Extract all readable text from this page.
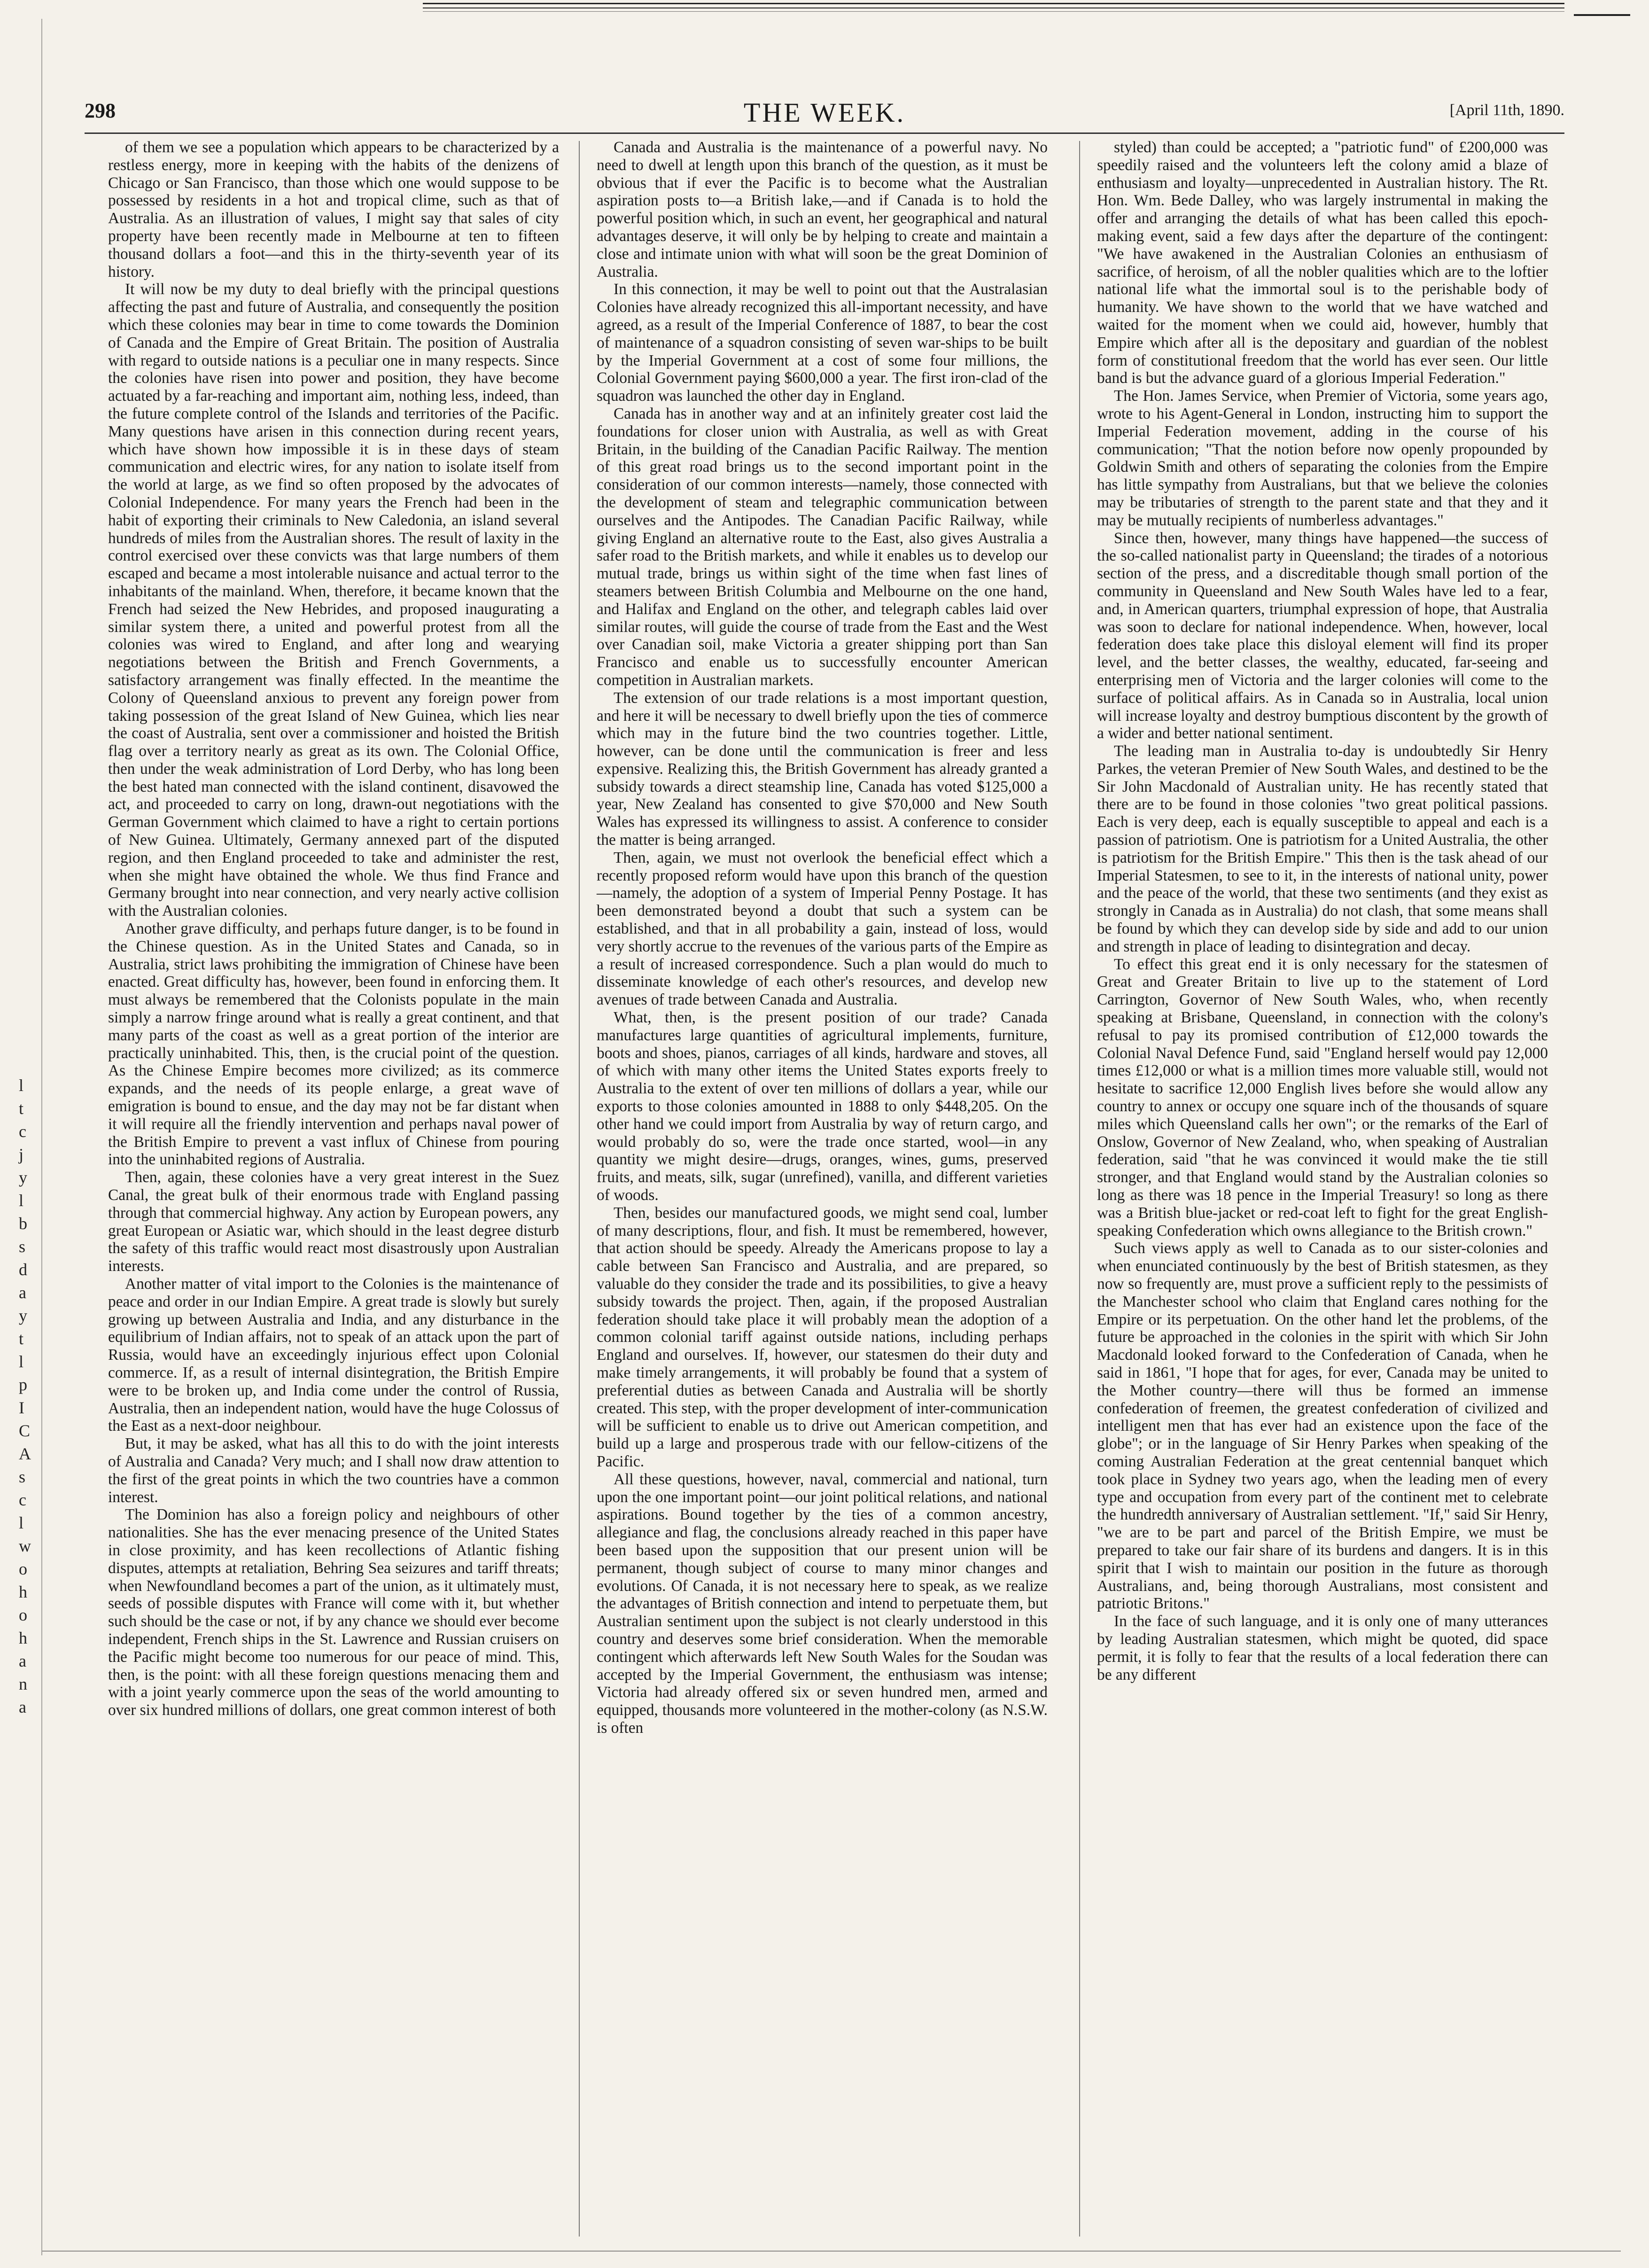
298	THE WEEK.	[April 11th, 1890.
l
t
c
j
y
l
b
s
d
a
y
t
l
p
I
C
A
s
c
l
w
o
h
o
h
a
n
a

of them we see a population which appears to be characterized by a restless energy, more in keeping with the habits of the denizens of Chicago or San Francisco, than those which one would suppose to be possessed by residents in a hot and tropical clime, such as that of Australia. As an illustration of values, I might say that sales of city property have been recently made in Melbourne at ten to fifteen thousand dollars a foot—and this in the thirty-seventh year of its history.

It will now be my duty to deal briefly with the principal questions affecting the past and future of Australia, and consequently the position which these colonies may bear in time to come towards the Dominion of Canada and the Empire of Great Britain. The position of Australia with regard to outside nations is a peculiar one in many respects. Since the colonies have risen into power and position, they have become actuated by a far-reaching and important aim, nothing less, indeed, than the future complete control of the Islands and territories of the Pacific. Many questions have arisen in this connection during recent years, which have shown how impossible it is in these days of steam communication and electric wires, for any nation to isolate itself from the world at large, as we find so often proposed by the advocates of Colonial Independence. For many years the French had been in the habit of exporting their criminals to New Caledonia, an island several hundreds of miles from the Australian shores. The result of laxity in the control exercised over these convicts was that large numbers of them escaped and became a most intolerable nuisance and actual terror to the inhabitants of the mainland. When, therefore, it became known that the French had seized the New Hebrides, and proposed inaugurating a similar system there, a united and powerful protest from all the colonies was wired to England, and after long and wearying negotiations between the British and French Governments, a satisfactory arrangement was finally effected. In the meantime the Colony of Queensland anxious to prevent any foreign power from taking possession of the great Island of New Guinea, which lies near the coast of Australia, sent over a commissioner and hoisted the British flag over a territory nearly as great as its own. The Colonial Office, then under the weak administration of Lord Derby, who has long been the best hated man connected with the island continent, disavowed the act, and proceeded to carry on long, drawn-out negotiations with the German Government which claimed to have a right to certain portions of New Guinea. Ultimately, Germany annexed part of the disputed region, and then England proceeded to take and administer the rest, when she might have obtained the whole. We thus find France and Germany brought into near connection, and very nearly active collision with the Australian colonies.

Another grave difficulty, and perhaps future danger, is to be found in the Chinese question. As in the United States and Canada, so in Australia, strict laws prohibiting the immigration of Chinese have been enacted. Great difficulty has, however, been found in enforcing them. It must always be remembered that the Colonists populate in the main simply a narrow fringe around what is really a great continent, and that many parts of the coast as well as a great portion of the interior are practically uninhabited. This, then, is the crucial point of the question. As the Chinese Empire becomes more civilized; as its commerce expands, and the needs of its people enlarge, a great wave of emigration is bound to ensue, and the day may not be far distant when it will require all the friendly intervention and perhaps naval power of the British Empire to prevent a vast influx of Chinese from pouring into the uninhabited regions of Australia.

Then, again, these colonies have a very great interest in the Suez Canal, the great bulk of their enormous trade with England passing through that commercial highway. Any action by European powers, any great European or Asiatic war, which should in the least degree disturb the safety of this traffic would react most disastrously upon Australian interests.

Another matter of vital import to the Colonies is the maintenance of peace and order in our Indian Empire. A great trade is slowly but surely growing up between Australia and India, and any disturbance in the equilibrium of Indian affairs, not to speak of an attack upon the part of Russia, would have an exceedingly injurious effect upon Colonial commerce. If, as a result of internal disintegration, the British Empire were to be broken up, and India come under the control of Russia, Australia, then an independent nation, would have the huge Colossus of the East as a next-door neighbour.

But, it may be asked, what has all this to do with the joint interests of Australia and Canada? Very much; and I shall now draw attention to the first of the great points in which the two countries have a common interest.

The Dominion has also a foreign policy and neighbours of other nationalities. She has the ever menacing presence of the United States in close proximity, and has keen recollections of Atlantic fishing disputes, attempts at retaliation, Behring Sea seizures and tariff threats; when Newfoundland becomes a part of the union, as it ultimately must, seeds of possible disputes with France will come with it, but whether such should be the case or not, if by any chance we should ever become independent, French ships in the St. Lawrence and Russian cruisers on the Pacific might become too numerous for our peace of mind. This, then, is the point: with all these foreign questions menacing them and with a joint yearly commerce upon the seas of the world amounting to over six hundred millions of dollars, one great common interest of both

Canada and Australia is the maintenance of a powerful navy. No need to dwell at length upon this branch of the question, as it must be obvious that if ever the Pacific is to become what the Australian aspiration posts to—a British lake,—and if Canada is to hold the powerful position which, in such an event, her geographical and natural advantages deserve, it will only be by helping to create and maintain a close and intimate union with what will soon be the great Dominion of Australia.

In this connection, it may be well to point out that the Australasian Colonies have already recognized this all-important necessity, and have agreed, as a result of the Imperial Conference of 1887, to bear the cost of maintenance of a squadron consisting of seven war-ships to be built by the Imperial Government at a cost of some four millions, the Colonial Government paying $600,000 a year. The first iron-clad of the squadron was launched the other day in England.

Canada has in another way and at an infinitely greater cost laid the foundations for closer union with Australia, as well as with Great Britain, in the building of the Canadian Pacific Railway. The mention of this great road brings us to the second important point in the consideration of our common interests—namely, those connected with the development of steam and telegraphic communication between ourselves and the Antipodes. The Canadian Pacific Railway, while giving England an alternative route to the East, also gives Australia a safer road to the British markets, and while it enables us to develop our mutual trade, brings us within sight of the time when fast lines of steamers between British Columbia and Melbourne on the one hand, and Halifax and England on the other, and telegraph cables laid over similar routes, will guide the course of trade from the East and the West over Canadian soil, make Victoria a greater shipping port than San Francisco and enable us to successfully encounter American competition in Australian markets.

The extension of our trade relations is a most important question, and here it will be necessary to dwell briefly upon the ties of commerce which may in the future bind the two countries together. Little, however, can be done until the communication is freer and less expensive. Realizing this, the British Government has already granted a subsidy towards a direct steamship line, Canada has voted $125,000 a year, New Zealand has consented to give $70,000 and New South Wales has expressed its willingness to assist. A conference to consider the matter is being arranged.

Then, again, we must not overlook the beneficial effect which a recently proposed reform would have upon this branch of the question—namely, the adoption of a system of Imperial Penny Postage. It has been demonstrated beyond a doubt that such a system can be established, and that in all probability a gain, instead of loss, would very shortly accrue to the revenues of the various parts of the Empire as a result of increased correspondence. Such a plan would do much to disseminate knowledge of each other's resources, and develop new avenues of trade between Canada and Australia.

What, then, is the present position of our trade? Canada manufactures large quantities of agricultural implements, furniture, boots and shoes, pianos, carriages of all kinds, hardware and stoves, all of which with many other items the United States exports freely to Australia to the extent of over ten millions of dollars a year, while our exports to those colonies amounted in 1888 to only $448,205. On the other hand we could import from Australia by way of return cargo, and would probably do so, were the trade once started, wool—in any quantity we might desire—drugs, oranges, wines, gums, preserved fruits, and meats, silk, sugar (unrefined), vanilla, and different varieties of woods.

Then, besides our manufactured goods, we might send coal, lumber of many descriptions, flour, and fish. It must be remembered, however, that action should be speedy. Already the Americans propose to lay a cable between San Francisco and Australia, and are prepared, so valuable do they consider the trade and its possibilities, to give a heavy subsidy towards the project. Then, again, if the proposed Australian federation should take place it will probably mean the adoption of a common colonial tariff against outside nations, including perhaps England and ourselves. If, however, our statesmen do their duty and make timely arrangements, it will probably be found that a system of preferential duties as between Canada and Australia will be shortly created. This step, with the proper development of inter-communication will be sufficient to enable us to drive out American competition, and build up a large and prosperous trade with our fellow-citizens of the Pacific.

All these questions, however, naval, commercial and national, turn upon the one important point—our joint political relations, and national aspirations. Bound together by the ties of a common ancestry, allegiance and flag, the conclusions already reached in this paper have been based upon the supposition that our present union will be permanent, though subject of course to many minor changes and evolutions. Of Canada, it is not necessary here to speak, as we realize the advantages of British connection and intend to perpetuate them, but Australian sentiment upon the subject is not clearly understood in this country and deserves some brief consideration. When the memorable contingent which afterwards left New South Wales for the Soudan was accepted by the Imperial Government, the enthusiasm was intense; Victoria had already offered six or seven hundred men, armed and equipped, thousands more volunteered in the mother-colony (as N.S.W. is often

styled) than could be accepted; a "patriotic fund" of £200,000 was speedily raised and the volunteers left the colony amid a blaze of enthusiasm and loyalty—unprecedented in Australian history. The Rt. Hon. Wm. Bede Dalley, who was largely instrumental in making the offer and arranging the details of what has been called this epoch-making event, said a few days after the departure of the contingent: "We have awakened in the Australian Colonies an enthusiasm of sacrifice, of heroism, of all the nobler qualities which are to the loftier national life what the immortal soul is to the perishable body of humanity. We have shown to the world that we have watched and waited for the moment when we could aid, however, humbly that Empire which after all is the depositary and guardian of the noblest form of constitutional freedom that the world has ever seen. Our little band is but the advance guard of a glorious Imperial Federation."

The Hon. James Service, when Premier of Victoria, some years ago, wrote to his Agent-General in London, instructing him to support the Imperial Federation movement, adding in the course of his communication; "That the notion before now openly propounded by Goldwin Smith and others of separating the colonies from the Empire has little sympathy from Australians, but that we believe the colonies may be tributaries of strength to the parent state and that they and it may be mutually recipients of numberless advantages."

Since then, however, many things have happened—the success of the so-called nationalist party in Queensland; the tirades of a notorious section of the press, and a discreditable though small portion of the community in Queensland and New South Wales have led to a fear, and, in American quarters, triumphal expression of hope, that Australia was soon to declare for national independence. When, however, local federation does take place this disloyal element will find its proper level, and the better classes, the wealthy, educated, far-seeing and enterprising men of Victoria and the larger colonies will come to the surface of political affairs. As in Canada so in Australia, local union will increase loyalty and destroy bumptious discontent by the growth of a wider and better national sentiment.

The leading man in Australia to-day is undoubtedly Sir Henry Parkes, the veteran Premier of New South Wales, and destined to be the Sir John Macdonald of Australian unity. He has recently stated that there are to be found in those colonies "two great political passions. Each is very deep, each is equally susceptible to appeal and each is a passion of patriotism. One is patriotism for a United Australia, the other is patriotism for the British Empire." This then is the task ahead of our Imperial Statesmen, to see to it, in the interests of national unity, power and the peace of the world, that these two sentiments (and they exist as strongly in Canada as in Australia) do not clash, that some means shall be found by which they can develop side by side and add to our union and strength in place of leading to disintegration and decay.

To effect this great end it is only necessary for the statesmen of Great and Greater Britain to live up to the statement of Lord Carrington, Governor of New South Wales, who, when recently speaking at Brisbane, Queensland, in connection with the colony's refusal to pay its promised contribution of £12,000 towards the Colonial Naval Defence Fund, said "England herself would pay 12,000 times £12,000 or what is a million times more valuable still, would not hesitate to sacrifice 12,000 English lives before she would allow any country to annex or occupy one square inch of the thousands of square miles which Queensland calls her own"; or the remarks of the Earl of Onslow, Governor of New Zealand, who, when speaking of Australian federation, said "that he was convinced it would make the tie still stronger, and that England would stand by the Australian colonies so long as there was 18 pence in the Imperial Treasury! so long as there was a British blue-jacket or red-coat left to fight for the great English-speaking Confederation which owns allegiance to the British crown."

Such views apply as well to Canada as to our sister-colonies and when enunciated continuously by the best of British statesmen, as they now so frequently are, must prove a sufficient reply to the pessimists of the Manchester school who claim that England cares nothing for the Empire or its perpetuation. On the other hand let the problems, of the future be approached in the colonies in the spirit with which Sir John Macdonald looked forward to the Confederation of Canada, when he said in 1861, "I hope that for ages, for ever, Canada may be united to the Mother country—there will thus be formed an immense confederation of freemen, the greatest confederation of civilized and intelligent men that has ever had an existence upon the face of the globe"; or in the language of Sir Henry Parkes when speaking of the coming Australian Federation at the great centennial banquet which took place in Sydney two years ago, when the leading men of every type and occupation from every part of the continent met to celebrate the hundredth anniversary of Australian settlement. "If," said Sir Henry, "we are to be part and parcel of the British Empire, we must be prepared to take our fair share of its burdens and dangers. It is in this spirit that I wish to maintain our position in the future as thorough Australians, and, being thorough Australians, most consistent and patriotic Britons."

In the face of such language, and it is only one of many utterances by leading Australian statesmen, which might be quoted, did space permit, it is folly to fear that the results of a local federation there can be any different
